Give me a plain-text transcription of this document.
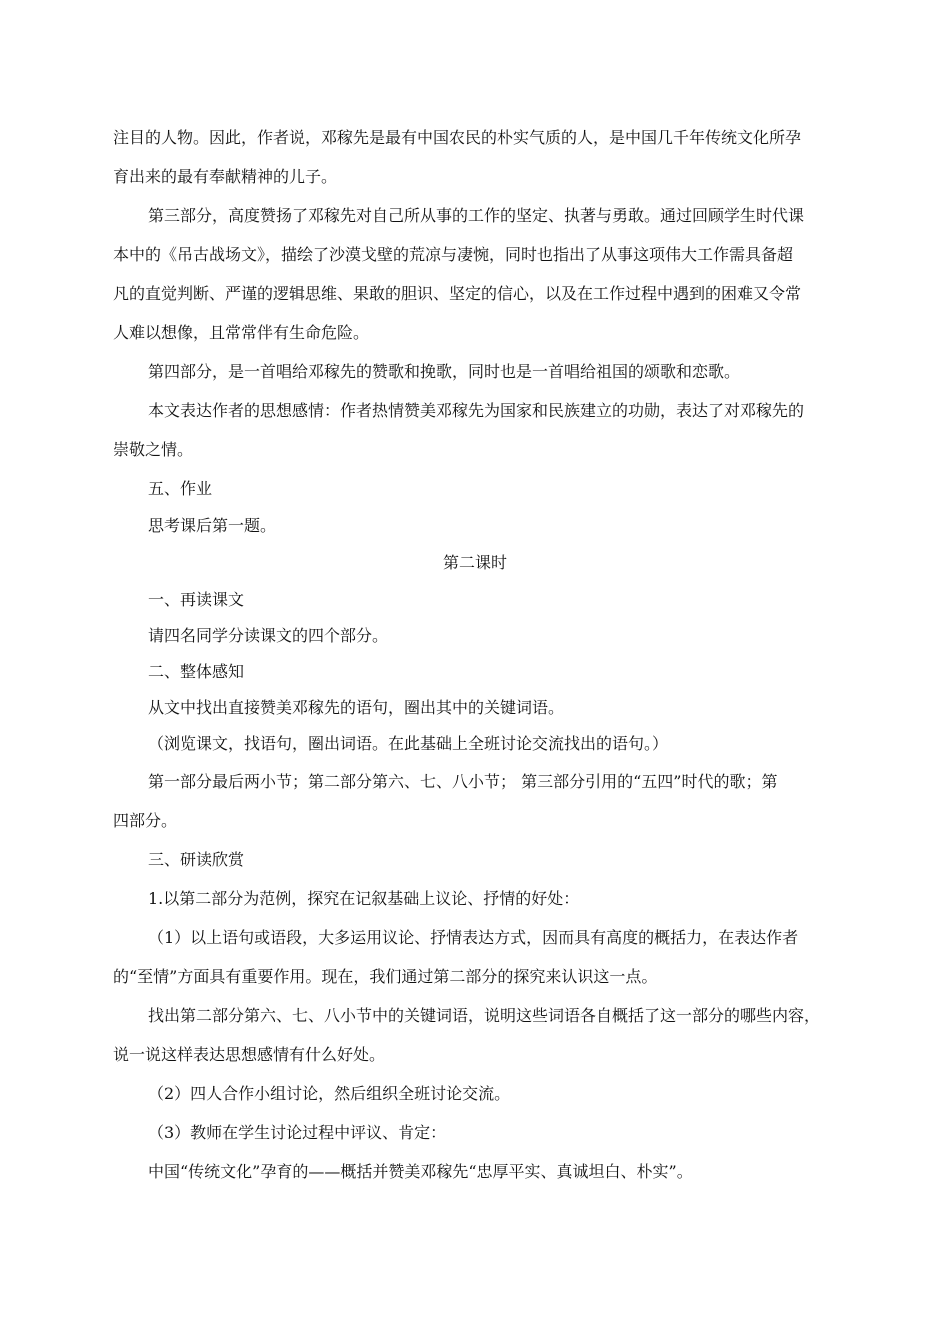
注目的人物。因此，作者说，邓稼先是最有中国农民的朴实气质的人，是中国几千年传统文化所孕

育出来的最有奉献精神的儿子。

第三部分，高度赞扬了邓稼先对自己所从事的工作的坚定、执著与勇敢。通过回顾学生时代课

本中的《吊古战场文》，描绘了沙漠戈壁的荒凉与凄惋，同时也指出了从事这项伟大工作需具备超

凡的直觉判断、严谨的逻辑思维、果敢的胆识、坚定的信心，以及在工作过程中遇到的困难又令常

人难以想像，且常常伴有生命危险。

第四部分，是一首唱给邓稼先的赞歌和挽歌，同时也是一首唱给祖国的颂歌和恋歌。

本文表达作者的思想感情：作者热情赞美邓稼先为国家和民族建立的功勋，表达了对邓稼先的

崇敬之情。

五、作业

思考课后第一题。

第二课时

一、再读课文

请四名同学分读课文的四个部分。

二、整体感知

从文中找出直接赞美邓稼先的语句，圈出其中的关键词语。

（浏览课文，找语句，圈出词语。在此基础上全班讨论交流找出的语句。）

第一部分最后两小节；第二部分第六、七、八小节； 第三部分引用的“五四”时代的歌；第

四部分。

三、研读欣赏

1.以第二部分为范例，探究在记叙基础上议论、抒情的好处：

（1）以上语句或语段，大多运用议论、抒情表达方式，因而具有高度的概括力，在表达作者

的“至情”方面具有重要作用。现在，我们通过第二部分的探究来认识这一点。

找出第二部分第六、七、八小节中的关键词语，说明这些词语各自概括了这一部分的哪些内容，

说一说这样表达思想感情有什么好处。

（2）四人合作小组讨论，然后组织全班讨论交流。

（3）教师在学生讨论过程中评议、肯定：

中国“传统文化”孕育的——概括并赞美邓稼先“忠厚平实、真诚坦白、朴实”。
